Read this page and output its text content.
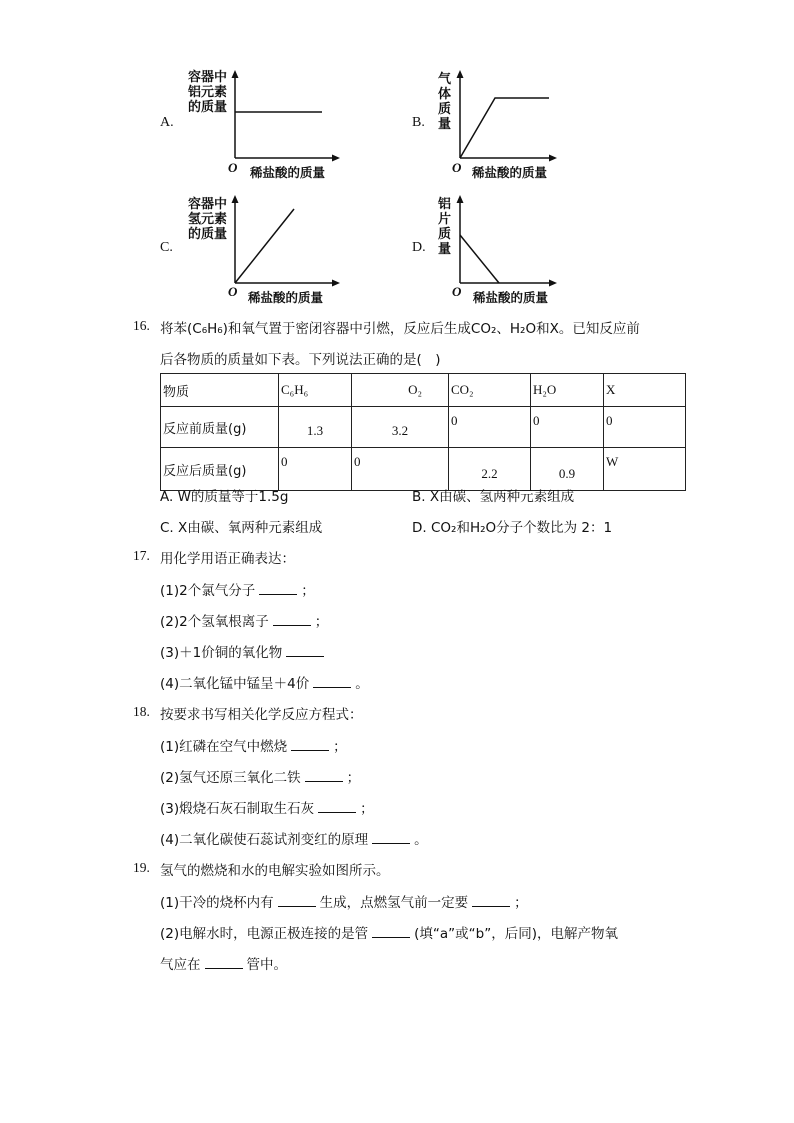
A.
容器中
铝元素
的质量
O 稀盐酸的质量
B.
气
体
质
量
O 稀盐酸的质量
C.
容器中
氢元素
的质量
O 稀盐酸的质量
D.
铝
片
质
量
O 稀盐酸的质量
16. 将苯(C₆H₆)和氧气置于密闭容器中引燃，反应后生成CO₂、H₂O和X。已知反应前
后各物质的质量如下表。下列说法正确的是(　)
物质	C₆H₆	O₂	CO₂	H₂O	X
反应前质量(g)	1.3	3.2	0	0	0
反应后质量(g)	0	0	2.2	0.9	W
A. W的质量等于1.5g	B. X由碳、氢两种元素组成
C. X由碳、氧两种元素组成	D. CO₂和H₂O分子个数比为 2：1
17. 用化学用语正确表达：
(1)2个氯气分子	；
(2)2个氢氧根离子	；
(3)＋1价铜的氧化物
(4)二氧化锰中锰呈＋4价	。
18. 按要求书写相关化学反应方程式：
(1)红磷在空气中燃烧	；
(2)氢气还原三氧化二铁	；
(3)煅烧石灰石制取生石灰	；
(4)二氧化碳使石蕊试剂变红的原理	。
19. 氢气的燃烧和水的电解实验如图所示。
(1)干冷的烧杯内有	生成，点燃氢气前一定要	；
(2)电解水时，电源正极连接的是管	(填“a”或“b”，后同)，电解产物氧
气应在	管中。
